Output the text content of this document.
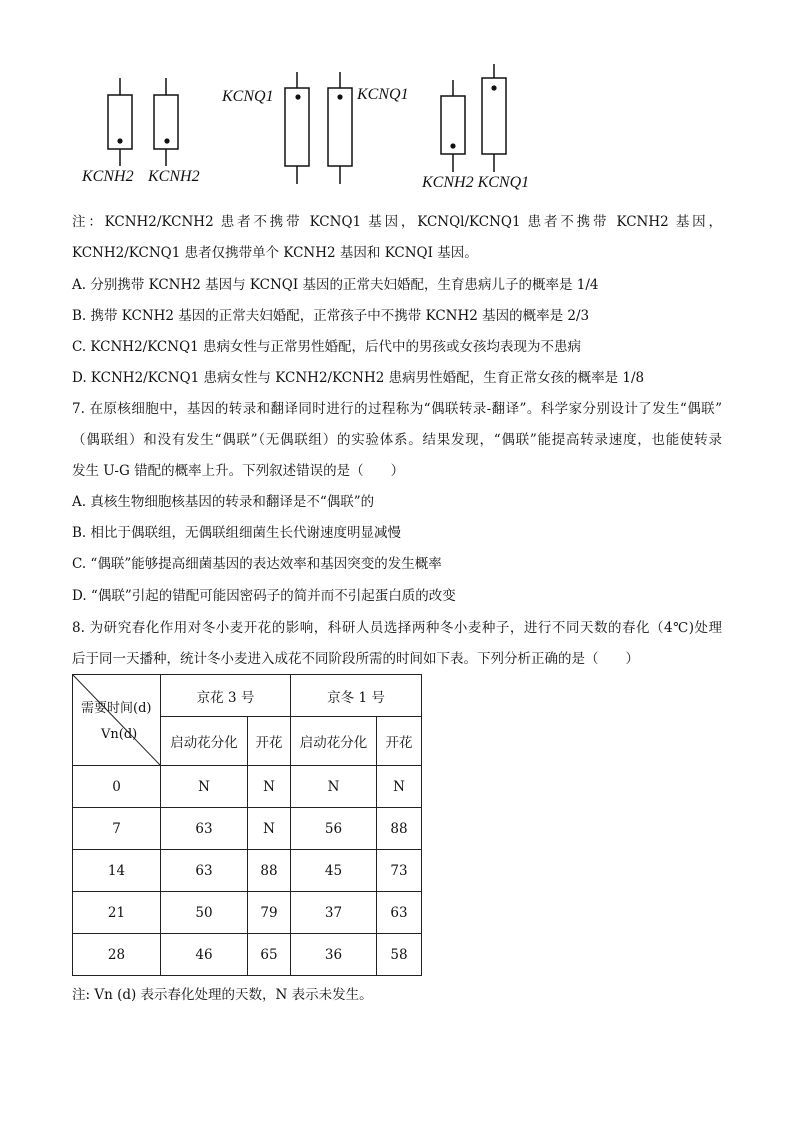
KCNH2 KCNH2
KCNQ1	KCNQ1
KCNH2 KCNQ1
注：KCNH2/KCNH2 患者不携带 KCNQ1 基因，KCNQl/KCNQ1 患者不携带 KCNH2 基因，
KCNH2/KCNQ1 患者仅携带单个 KCNH2 基因和 KCNQI 基因。
A. 分别携带 KCNH2 基因与 KCNQI 基因的正常夫妇婚配，生育患病儿子的概率是 1/4
B. 携带 KCNH2 基因的正常夫妇婚配，正常孩子中不携带 KCNH2 基因的概率是 2/3
C. KCNH2/KCNQ1 患病女性与正常男性婚配，后代中的男孩或女孩均表现为不患病
D. KCNH2/KCNQ1 患病女性与 KCNH2/KCNH2 患病男性婚配，生育正常女孩的概率是 1/8
7. 在原核细胞中，基因的转录和翻译同时进行的过程称为“偶联转录-翻译”。科学家分别设计了发生“偶联”
（偶联组）和没有发生“偶联”（无偶联组）的实验体系。结果发现，“偶联”能提高转录速度，也能使转录
发生 U-G 错配的概率上升。下列叙述错误的是（　　）
A. 真核生物细胞核基因的转录和翻译是不“偶联”的
B. 相比于偶联组，无偶联组细菌生长代谢速度明显减慢
C. “偶联”能够提高细菌基因的表达效率和基因突变的发生概率
D. “偶联”引起的错配可能因密码子的简并而不引起蛋白质的改变
8. 为研究春化作用对冬小麦开花的影响，科研人员选择两种冬小麦种子，进行不同天数的春化（4℃)处理
后于同一天播种，统计冬小麦进入成花不同阶段所需的时间如下表。下列分析正确的是（　　）
需要时间(d)
Vn(d)	京花 3 号		京冬 1 号	
	启动花分化	开花	启动花分化	开花
0	N	N	N	N
7	63	N	56	88
14	63	88	45	73
21	50	79	37	63
28	46	65	36	58
注: Vn (d) 表示春化处理的天数，N 表示未发生。
